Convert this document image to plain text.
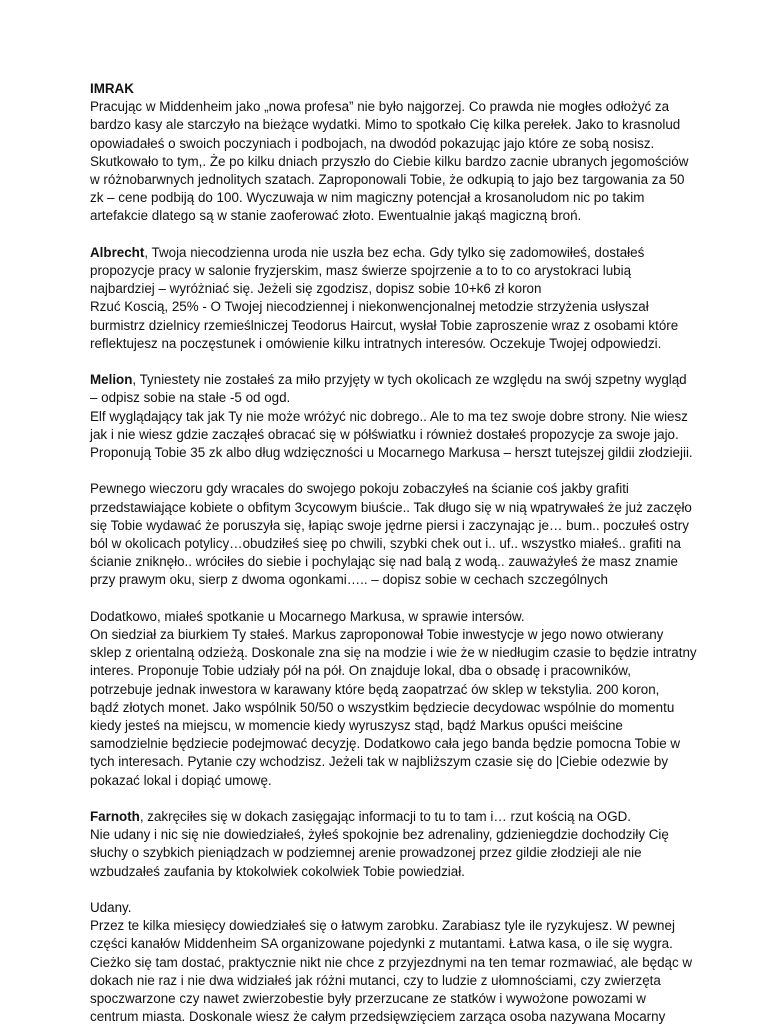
IMRAK
Pracując w Middenheim jako „nowa profesa” nie było najgorzej. Co prawda nie mogłes odłożyć za
bardzo kasy ale starczyło na bieżące wydatki. Mimo to spotkało Cię kilka perełek. Jako to krasnolud
opowiadałeś o swoich poczyniach i podbojach, na dwodód pokazując jajo które ze sobą nosisz.
Skutkowało to tym,. Że po kilku dniach przyszło do Ciebie kilku bardzo zacnie ubranych jegomościów
w różnobarwnych jednolitych szatach. Zaproponowali Tobie, że odkupią to jajo bez targowania za 50
zk – cene podbiją do 100. Wyczuwaja w nim magiczny potencjał a krosanoludom nic po takim
artefakcie dlatego są w stanie zaoferować złoto. Ewentualnie jakąś magiczną broń.
Albrecht, Twoja niecodzienna uroda nie uszła bez echa. Gdy tylko się zadomowiłeś, dostałeś
propozycje pracy w salonie fryzjerskim, masz świerze spojrzenie a to to co arystokraci lubią
najbardziej – wyróżniać się. Jeżeli się zgodzisz, dopisz sobie 10+k6 zł koron
Rzuć Koscią, 25% - O Twojej niecodziennej i niekonwencjonalnej metodzie strzyżenia usłyszał
burmistrz dzielnicy rzemieślniczej Teodorus Haircut, wysłał Tobie zaproszenie wraz z osobami które
reflektujesz na poczęstunek i omówienie kilku intratnych interesów. Oczekuje Twojej odpowiedzi.
Melion, Tyniestety nie zostałeś za miło przyjęty w tych okolicach ze względu na swój szpetny wygląd
– odpisz sobie na stałe -5 od ogd.
Elf wyglądający tak jak Ty nie może wróżyć nic dobrego.. Ale to ma tez swoje dobre strony. Nie wiesz
jak i nie wiesz gdzie zacząłeś obracać się w półświatku i również dostałeś propozycje za swoje jajo.
Proponują Tobie 35 zk albo dług wdzięczności u Mocarnego Markusa – herszt tutejszej gildii złodziejii.
Pewnego wieczoru gdy wracales do swojego pokoju zobaczyłeś na ścianie coś jakby grafiti
przedstawiające kobiete o obfitym 3cycowym biuście.. Tak długo się w nią wpatrywałeś że już zaczęło
się Tobie wydawać że poruszyła się, łapiąc swoje jędrne piersi i zaczynając je… bum.. poczułeś ostry
ból w okolicach potylicy…obudziłeś sieę po chwili, szybki chek out i.. uf.. wszystko miałeś.. grafiti na
ścianie zniknęło.. wróciłes do siebie i pochylając się nad balą z wodą.. zauważyłeś że masz znamie
przy prawym oku, sierp z dwoma ogonkami….. – dopisz sobie w cechach szczególnych
Dodatkowo, miałeś spotkanie u Mocarnego Markusa, w sprawie intersów.
On siedział za biurkiem Ty stałeś. Markus zaproponował Tobie inwestycje w jego nowo otwierany
sklep z orientalną odzieżą. Doskonale zna się na modzie i wie że w niedługim czasie to będzie intratny
interes. Proponuje Tobie udziały pół na pół. On znajduje lokal, dba o obsadę i pracowników,
potrzebuje jednak inwestora w karawany które będą zaopatrzać ów sklep w tekstylia. 200 koron,
bądź złotych monet. Jako wspólnik 50/50 o wszystkim będziecie decydowac wspólnie do momentu
kiedy jesteś na miejscu, w momencie kiedy wyruszysz stąd, bądź Markus opuści meiścine
samodzielnie będziecie podejmować decyzję. Dodatkowo cała jego banda będzie pomocna Tobie w
tych interesach. Pytanie czy wchodzisz. Jeżeli tak w najbliższym czasie się do |Ciebie odezwie by
pokazać lokal i dopiąć umowę.
Farnoth, zakręciłes się w dokach zasięgając informacji to tu to tam i… rzut kością na OGD.
Nie udany i nic się nie dowiedziałeś, żyłeś spokojnie bez adrenaliny, gdzieniegdzie dochodziły Cię
słuchy o szybkich pieniądzach w podziemnej arenie prowadzonej przez gildie złodzieji ale nie
wzbudzałeś zaufania by ktokolwiek cokolwiek Tobie powiedział.
Udany.
Przez te kilka miesięcy dowiedziałeś się o łatwym zarobku. Zarabiasz tyle ile ryzykujesz. W pewnej
części kanałów Middenheim SA organizowane pojedynki z mutantami. Łatwa kasa, o ile się wygra.
Cieżko się tam dostać, praktycznie nikt nie chce z przyjezdnymi na ten temar rozmawiać, ale będąc w
dokach nie raz i nie dwa widziałeś jak różni mutanci, czy to ludzie z ułomnościami, czy zwierzęta
spoczwarzone czy nawet zwierzobestie były przerzucane ze statków i wywożone powozami w
centrum miasta. Doskonale wiesz że całym przedsięwzięciem zarząca osoba nazywana Mocarny
